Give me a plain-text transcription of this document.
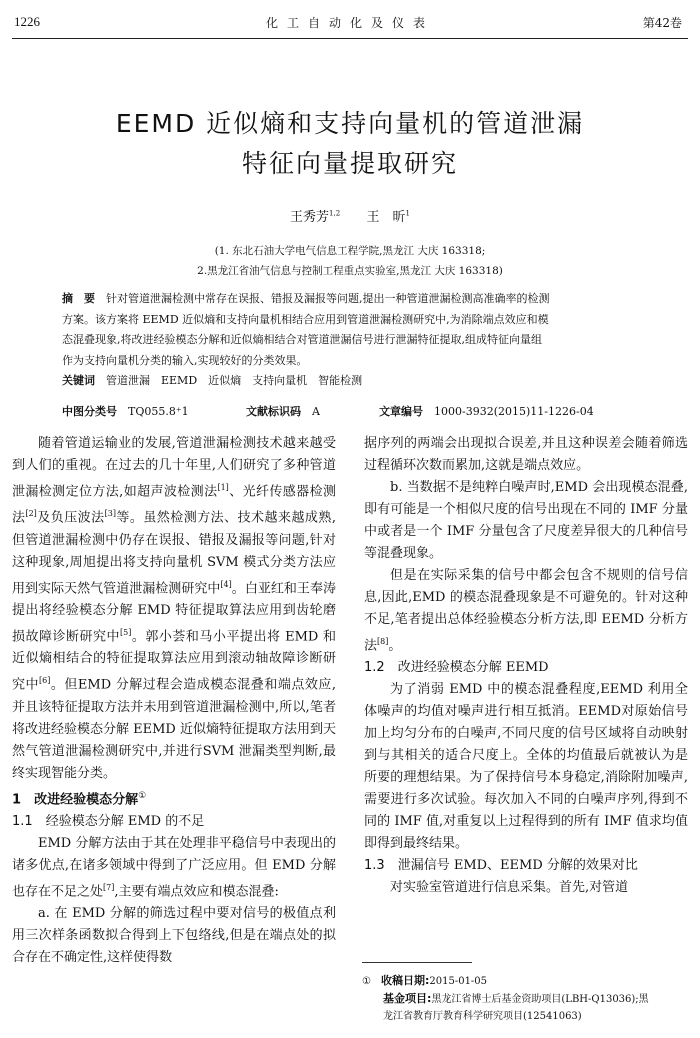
1226	化工自动化及仪表	第42卷
EEMD 近似熵和支持向量机的管道泄漏
特征向量提取研究
王秀芳$^{1,2}$ 王　昕$^1$
(1. 东北石油大学电气信息工程学院,黑龙江 大庆 163318;
2.黑龙江省油气信息与控制工程重点实验室,黑龙江 大庆 163318)
摘　要　 针对管道泄漏检测中常存在误报、错报及漏报等问题,提出一种管道泄漏检测高准确率的检测
方案。该方案将 EEMD 近似熵和支持向量机相结合应用到管道泄漏检测研究中,为消除端点效应和模
态混叠现象,将改进经验模态分解和近似熵相结合对管道泄漏信号进行泄漏特征提取,组成特征向量组
作为支持向量机分类的输入,实现较好的分类效果。
关键词　 管道泄漏　EEMD　近似熵　支持向量机　智能检测
中图分类号　 TQ055.8⁺1	文献标识码　 A	文章编号　 1000-3932(2015)11-1226-04

随着管道运输业的发展,管道泄漏检测技术越来越受到人们的重视。在过去的几十年里,人们研究了多种管道泄漏检测定位方法,如超声波检测法[1]、光纤传感器检测法[2]及负压波法[3]等。虽然检测方法、技术越来越成熟,但管道泄漏检测中仍存在误报、错报及漏报等问题,针对这种现象,周旭提出将支持向量机 SVM 模式分类方法应用到实际天然气管道泄漏检测研究中[4]。白亚红和王奉涛提出将经验模态分解 EMD 特征提取算法应用到齿轮磨损故障诊断研究中[5]。郭小荟和马小平提出将 EMD 和近似熵相结合的特征提取算法应用到滚动轴故障诊断研究中[6]。但EMD 分解过程会造成模态混叠和端点效应,并且该特征提取方法并未用到管道泄漏检测中,所以,笔者将改进经验模态分解 EEMD 近似熵特征提取方法用到天然气管道泄漏检测研究中,并进行SVM 泄漏类型判断,最终实现智能分类。

1　 改进经验模态分解①

1.1　 经验模态分解 EMD 的不足

EMD 分解方法由于其在处理非平稳信号中表现出的诸多优点,在诸多领域中得到了广泛应用。但 EMD 分解也存在不足之处[7],主要有端点效应和模态混叠:

a. 在 EMD 分解的筛选过程中要对信号的极值点利用三次样条函数拟合得到上下包络线,但是在端点处的拟合存在不确定性,这样使得数

据序列的两端会出现拟合误差,并且这种误差会随着筛选过程循环次数而累加,这就是端点效应。

b. 当数据不是纯粹白噪声时,EMD 会出现模态混叠,即有可能是一个相似尺度的信号出现在不同的 IMF 分量中或者是一个 IMF 分量包含了尺度差异很大的几种信号等混叠现象。

但是在实际采集的信号中都会包含不规则的信号信息,因此,EMD 的模态混叠现象是不可避免的。针对这种不足,笔者提出总体经验模态分析方法,即 EEMD 分析方法[8]。

1.2　 改进经验模态分解 EEMD

为了消弱 EMD 中的模态混叠程度,EEMD 利用全体噪声的均值对噪声进行相互抵消。EEMD对原始信号加上均匀分布的白噪声,不同尺度的信号区域将自动映射到与其相关的适合尺度上。全体的均值最后就被认为是所要的理想结果。为了保持信号本身稳定,消除附加噪声,需要进行多次试验。每次加入不同的白噪声序列,得到不同的 IMF 值,对重复以上过程得到的所有 IMF 值求均值即得到最终结果。

1.3　 泄漏信号 EMD、EEMD 分解的效果对比

对实验室管道进行信息采集。首先,对管道

①　 收稿日期:2015-01-05
基金项目:黑龙江省博士后基金资助项目(LBH-Q13036);黑
龙江省教育厅教育科学研究项目(12541063)
